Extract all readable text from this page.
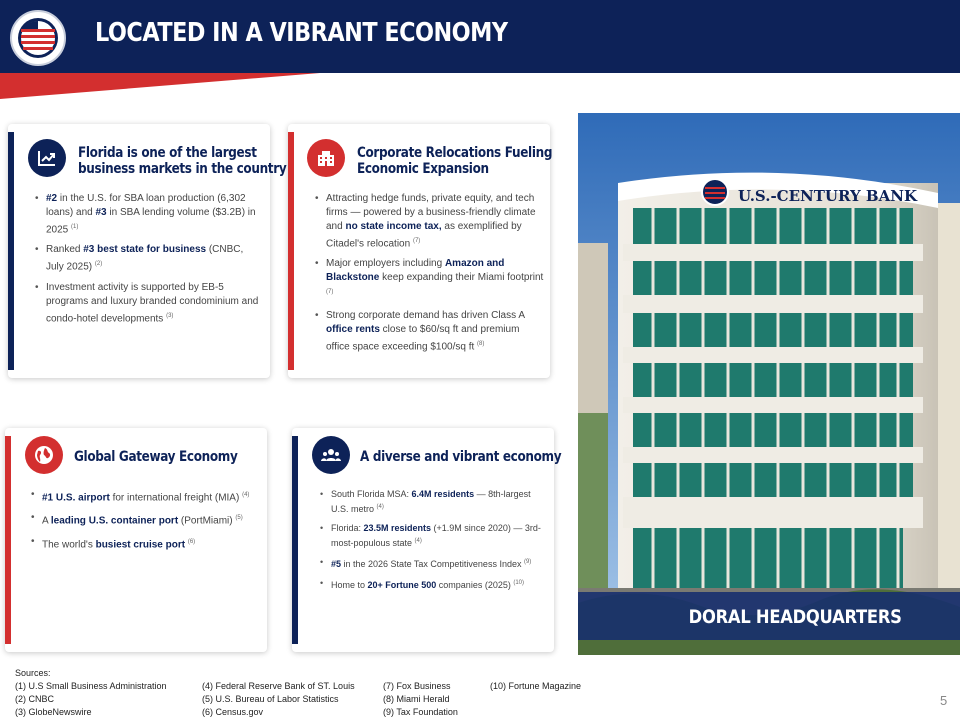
LOCATED IN A VIBRANT ECONOMY
Florida is one of the largest
business markets in the country
• #2 in the U.S. for SBA loan production (6,302 loans) and #3 in SBA lending volume ($3.2B) in 2025 $^{(1)}$
• Ranked #3 best state for business (CNBC, July 2025) $^{(2)}$
• Investment activity is supported by EB-5 programs and luxury branded condominium and condo-hotel developments $^{(3)}$
Corporate Relocations Fueling
Economic Expansion
• Attracting hedge funds, private equity, and tech firms — powered by a business-friendly climate and no state income tax, as exemplified by Citadel's relocation $^{(7)}$
• Major employers including Amazon and Blackstone keep expanding their Miami footprint $^{(7)}$
• Strong corporate demand has driven Class A office rents close to $60/sq ft and premium office space exceeding $100/sq ft $^{(8)}$
Global Gateway Economy
• #1 U.S. airport for international freight (MIA) $^{(4)}$
• A leading U.S. container port (PortMiami) $^{(5)}$
• The world's busiest cruise port $^{(6)}$
A diverse and vibrant economy
• South Florida MSA: 6.4M residents — 8th-largest U.S. metro $^{(4)}$
• Florida: 23.5M residents (+1.9M since 2020) — 3rd-most-populous state $^{(4)}$
• #5 in the 2026 State Tax Competitiveness Index $^{(9)}$
• Home to 20+ Fortune 500 companies (2025) $^{(10)}$
U.S.-CENTURY BANK
DORAL HEADQUARTERS
Sources:
(1) U.S Small Business Administration
(2) CNBC
(3) GlobeNewswire
(4) Federal Reserve Bank of ST. Louis
(5) U.S. Bureau of Labor Statistics
(6) Census.gov
(7) Fox Business
(8) Miami Herald
(9) Tax Foundation
(10) Fortune Magazine
5
